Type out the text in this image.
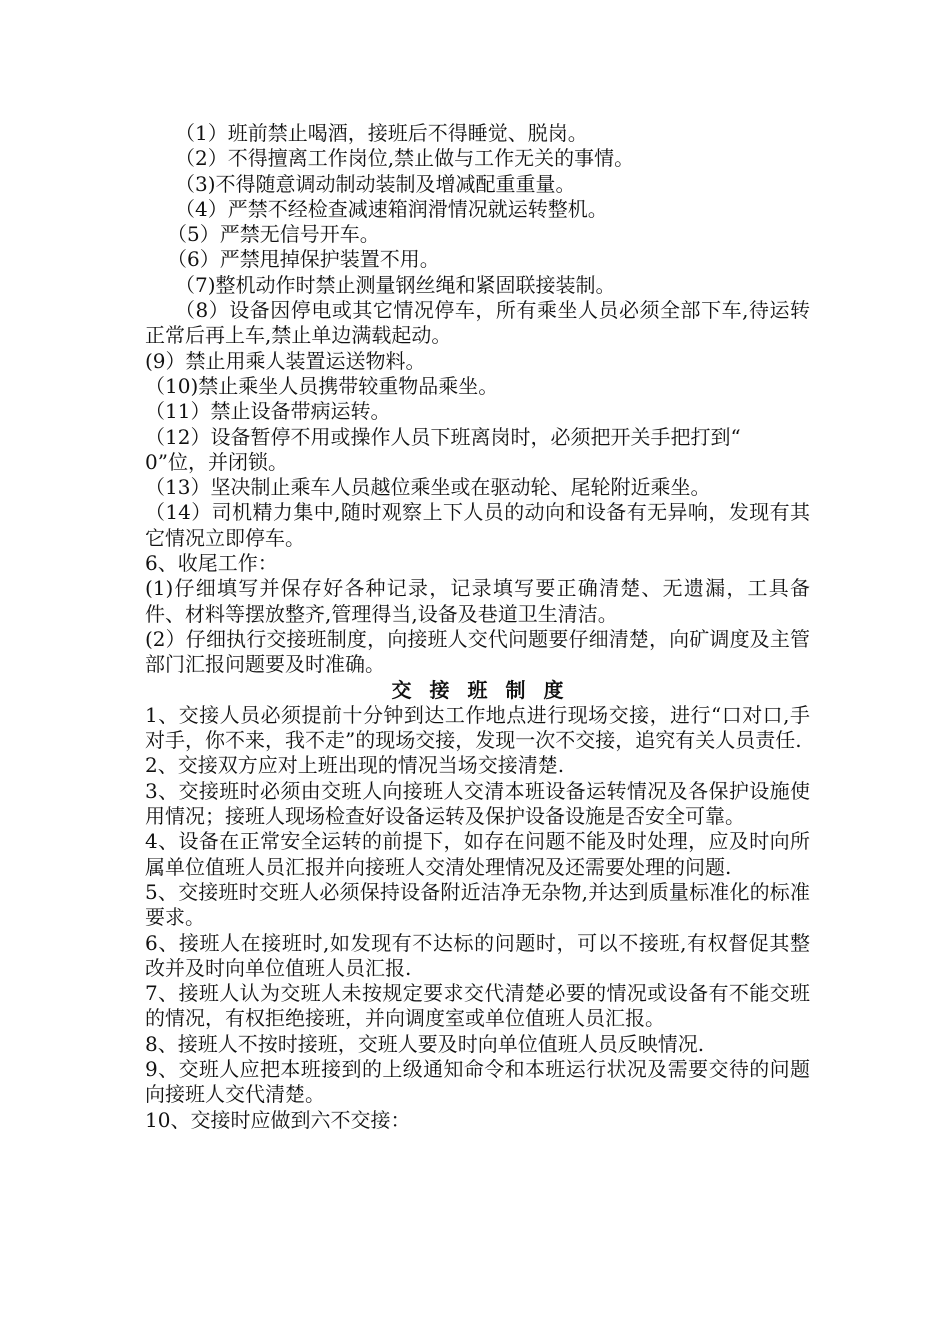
（1）班前禁止喝酒，接班后不得睡觉、脱岗。

（2）不得擅离工作岗位,禁止做与工作无关的事情。

（3)不得随意调动制动装制及增减配重重量。

（4）严禁不经检查减速箱润滑情况就运转整机。

（5）严禁无信号开车。

（6）严禁甩掉保护装置不用。

（7)整机动作时禁止测量钢丝绳和紧固联接装制。

（8）设备因停电或其它情况停车，所有乘坐人员必须全部下车,待运转正常后再上车,禁止单边满载起动。

(9）禁止用乘人装置运送物料。

（10)禁止乘坐人员携带较重物品乘坐。

（11）禁止设备带病运转。

（12）设备暂停不用或操作人员下班离岗时，必须把开关手把打到“

0”位，并闭锁。

（13）坚决制止乘车人员越位乘坐或在驱动轮、尾轮附近乘坐。

（14）司机精力集中,随时观察上下人员的动向和设备有无异响，发现有其它情况立即停车。

6、收尾工作：

(1)仔细填写并保存好各种记录，记录填写要正确清楚、无遗漏，工具备件、材料等摆放整齐,管理得当,设备及巷道卫生清洁。

(2）仔细执行交接班制度，向接班人交代问题要仔细清楚，向矿调度及主管部门汇报问题要及时准确。

交接班制度

1、交接人员必须提前十分钟到达工作地点进行现场交接，进行“口对口,手对手，你不来，我不走”的现场交接，发现一次不交接，追究有关人员责任.

2、交接双方应对上班出现的情况当场交接清楚.

3、交接班时必须由交班人向接班人交清本班设备运转情况及各保护设施使用情况；接班人现场检查好设备运转及保护设备设施是否安全可靠。

4、设备在正常安全运转的前提下，如存在问题不能及时处理，应及时向所属单位值班人员汇报并向接班人交清处理情况及还需要处理的问题.

5、交接班时交班人必须保持设备附近洁净无杂物,并达到质量标准化的标准要求。

6、接班人在接班时,如发现有不达标的问题时，可以不接班,有权督促其整改并及时向单位值班人员汇报.

7、接班人认为交班人未按规定要求交代清楚必要的情况或设备有不能交班的情况，有权拒绝接班，并向调度室或单位值班人员汇报。

8、接班人不按时接班，交班人要及时向单位值班人员反映情况.

9、交班人应把本班接到的上级通知命令和本班运行状况及需要交待的问题向接班人交代清楚。

10、交接时应做到六不交接：
